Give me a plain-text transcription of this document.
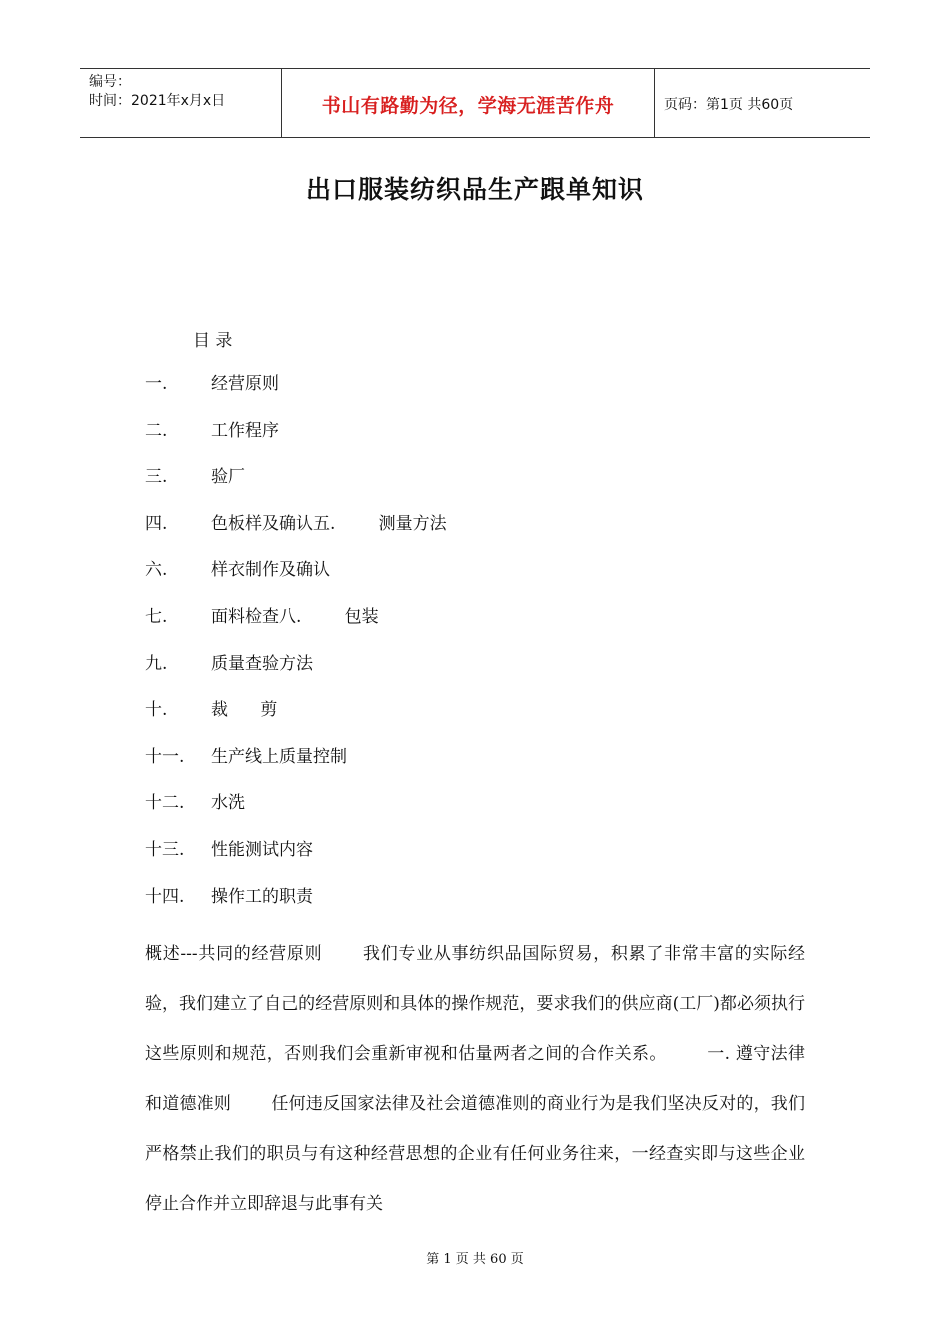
编号：
时间：2021年x月x日	书山有路勤为径，学海无涯苦作舟	页码：第1页 共60页
出口服装纺织品生产跟单知识
目 录
一.	经营原则
二.	工作程序
三.	验厂
四.	色板样及确认五.        测量方法
六.	样衣制作及确认
七.	面料检查八.        包装
九.	质量查验方法
十.	裁      剪
十一. 生产线上质量控制
十二. 水洗
十三. 性能测试内容
十四. 操作工的职责
概述---共同的经营原则 我们专业从事纺织品国际贸易，积累了非常丰富的实际经验，我们建立了自己的经营原则和具体的操作规范，要求我们的供应商(工厂)都必须执行这些原则和规范，否则我们会重新审视和估量两者之间的合作关系。 一. 遵守法律和道德准则 任何违反国家法律及社会道德准则的商业行为是我们坚决反对的，我们严格禁止我们的职员与有这种经营思想的企业有任何业务往来，一经查实即与这些企业停止合作并立即辞退与此事有关
第 1 页 共 60 页
